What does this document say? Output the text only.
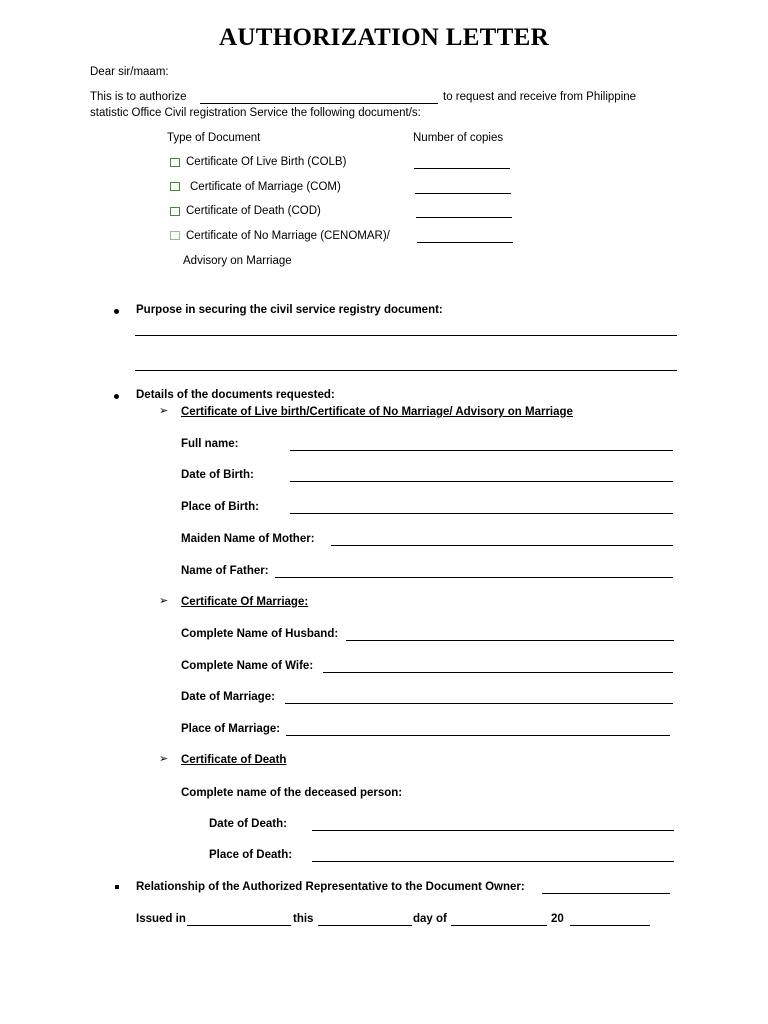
AUTHORIZATION LETTER
Dear sir/maam:
This is to authorize	to request and receive from Philippine
statistic Office Civil registration Service the following document/s:
Type of Document	Number of copies
Certificate Of Live Birth (COLB)
Certificate of Marriage (COM)
Certificate of Death (COD)
Certificate of No Marriage (CENOMAR)/
Advisory on Marriage
Purpose in securing the civil service registry document:
Details of the documents requested:
➢ Certificate of Live birth/Certificate of No Marriage/ Advisory on Marriage
Full name:
Date of Birth:
Place of Birth:
Maiden Name of Mother:
Name of Father:
➢ Certificate Of Marriage:
Complete Name of Husband:
Complete Name of Wife:
Date of Marriage:
Place of Marriage:
➢ Certificate of Death
Complete name of the deceased person:
Date of Death:
Place of Death:
Relationship of the Authorized Representative to the Document Owner:
Issued in	this	day of	20
